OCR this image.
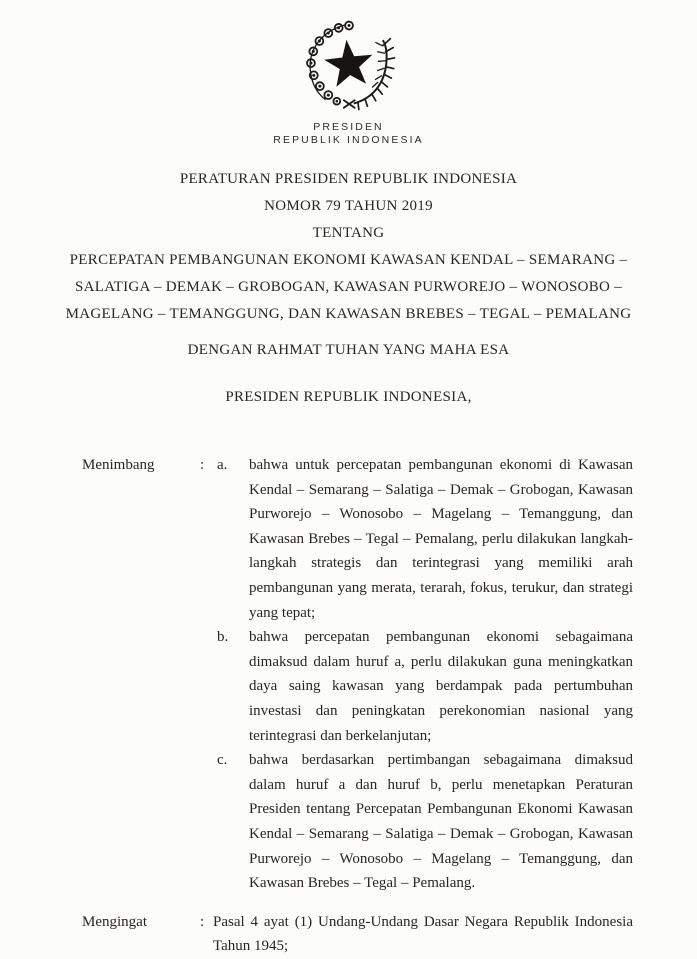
PRESIDEN
REPUBLIK INDONESIA
PERATURAN PRESIDEN REPUBLIK INDONESIA
NOMOR 79 TAHUN 2019
TENTANG
PERCEPATAN PEMBANGUNAN EKONOMI KAWASAN KENDAL – SEMARANG – SALATIGA – DEMAK – GROBOGAN, KAWASAN PURWOREJO – WONOSOBO – MAGELANG – TEMANGGUNG, DAN KAWASAN BREBES – TEGAL – PEMALANG
DENGAN RAHMAT TUHAN YANG MAHA ESA
PRESIDEN REPUBLIK INDONESIA,
Menimbang	: a.	bahwa untuk percepatan pembangunan ekonomi di Kawasan Kendal – Semarang – Salatiga – Demak – Grobogan, Kawasan Purworejo – Wonosobo – Magelang – Temanggung, dan Kawasan Brebes – Tegal – Pemalang, perlu dilakukan langkah-langkah strategis dan terintegrasi yang memiliki arah pembangunan yang merata, terarah, fokus, terukur, dan strategi yang tepat;
b.	bahwa percepatan pembangunan ekonomi sebagaimana dimaksud dalam huruf a, perlu dilakukan guna meningkatkan daya saing kawasan yang berdampak pada pertumbuhan investasi dan peningkatan perekonomian nasional yang terintegrasi dan berkelanjutan;
c.	bahwa berdasarkan pertimbangan sebagaimana dimaksud dalam huruf a dan huruf b, perlu menetapkan Peraturan Presiden tentang Percepatan Pembangunan Ekonomi Kawasan Kendal – Semarang – Salatiga – Demak – Grobogan, Kawasan Purworejo – Wonosobo – Magelang – Temanggung, dan Kawasan Brebes – Tegal – Pemalang.
Mengingat	: Pasal 4 ayat (1) Undang-Undang Dasar Negara Republik Indonesia Tahun 1945;
